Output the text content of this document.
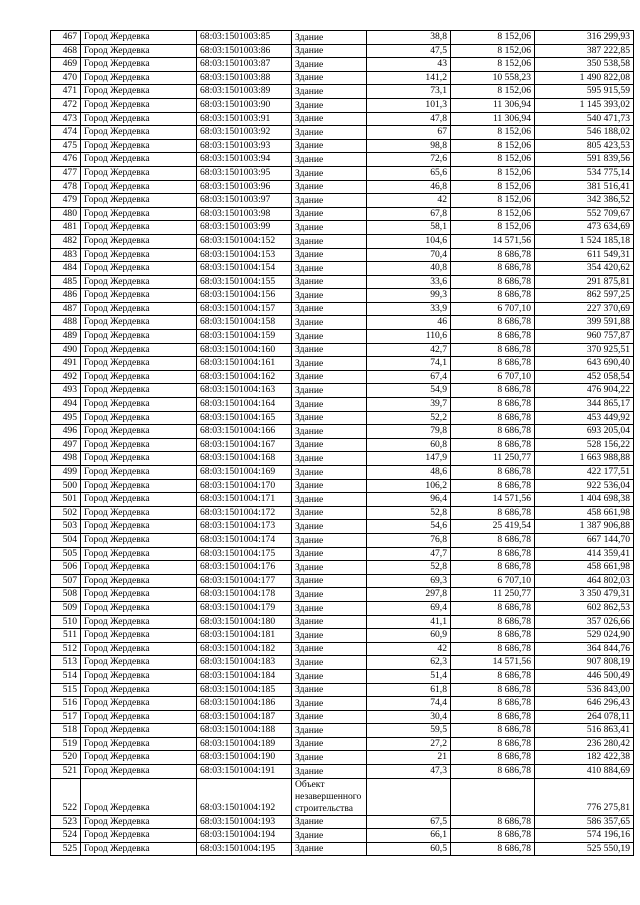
467	Город Жердевка	68:03:1501003:85	Здание	38,8	8 152,06	316 299,93
468	Город Жердевка	68:03:1501003:86	Здание	47,5	8 152,06	387 222,85
469	Город Жердевка	68:03:1501003:87	Здание	43	8 152,06	350 538,58
470	Город Жердевка	68:03:1501003:88	Здание	141,2	10 558,23	1 490 822,08
471	Город Жердевка	68:03:1501003:89	Здание	73,1	8 152,06	595 915,59
472	Город Жердевка	68:03:1501003:90	Здание	101,3	11 306,94	1 145 393,02
473	Город Жердевка	68:03:1501003:91	Здание	47,8	11 306,94	540 471,73
474	Город Жердевка	68:03:1501003:92	Здание	67	8 152,06	546 188,02
475	Город Жердевка	68:03:1501003:93	Здание	98,8	8 152,06	805 423,53
476	Город Жердевка	68:03:1501003:94	Здание	72,6	8 152,06	591 839,56
477	Город Жердевка	68:03:1501003:95	Здание	65,6	8 152,06	534 775,14
478	Город Жердевка	68:03:1501003:96	Здание	46,8	8 152,06	381 516,41
479	Город Жердевка	68:03:1501003:97	Здание	42	8 152,06	342 386,52
480	Город Жердевка	68:03:1501003:98	Здание	67,8	8 152,06	552 709,67
481	Город Жердевка	68:03:1501003:99	Здание	58,1	8 152,06	473 634,69
482	Город Жердевка	68:03:1501004:152	Здание	104,6	14 571,56	1 524 185,18
483	Город Жердевка	68:03:1501004:153	Здание	70,4	8 686,78	611 549,31
484	Город Жердевка	68:03:1501004:154	Здание	40,8	8 686,78	354 420,62
485	Город Жердевка	68:03:1501004:155	Здание	33,6	8 686,78	291 875,81
486	Город Жердевка	68:03:1501004:156	Здание	99,3	8 686,78	862 597,25
487	Город Жердевка	68:03:1501004:157	Здание	33,9	6 707,10	227 370,69
488	Город Жердевка	68:03:1501004:158	Здание	46	8 686,78	399 591,88
489	Город Жердевка	68:03:1501004:159	Здание	110,6	8 686,78	960 757,87
490	Город Жердевка	68:03:1501004:160	Здание	42,7	8 686,78	370 925,51
491	Город Жердевка	68:03:1501004:161	Здание	74,1	8 686,78	643 690,40
492	Город Жердевка	68:03:1501004:162	Здание	67,4	6 707,10	452 058,54
493	Город Жердевка	68:03:1501004:163	Здание	54,9	8 686,78	476 904,22
494	Город Жердевка	68:03:1501004:164	Здание	39,7	8 686,78	344 865,17
495	Город Жердевка	68:03:1501004:165	Здание	52,2	8 686,78	453 449,92
496	Город Жердевка	68:03:1501004:166	Здание	79,8	8 686,78	693 205,04
497	Город Жердевка	68:03:1501004:167	Здание	60,8	8 686,78	528 156,22
498	Город Жердевка	68:03:1501004:168	Здание	147,9	11 250,77	1 663 988,88
499	Город Жердевка	68:03:1501004:169	Здание	48,6	8 686,78	422 177,51
500	Город Жердевка	68:03:1501004:170	Здание	106,2	8 686,78	922 536,04
501	Город Жердевка	68:03:1501004:171	Здание	96,4	14 571,56	1 404 698,38
502	Город Жердевка	68:03:1501004:172	Здание	52,8	8 686,78	458 661,98
503	Город Жердевка	68:03:1501004:173	Здание	54,6	25 419,54	1 387 906,88
504	Город Жердевка	68:03:1501004:174	Здание	76,8	8 686,78	667 144,70
505	Город Жердевка	68:03:1501004:175	Здание	47,7	8 686,78	414 359,41
506	Город Жердевка	68:03:1501004:176	Здание	52,8	8 686,78	458 661,98
507	Город Жердевка	68:03:1501004:177	Здание	69,3	6 707,10	464 802,03
508	Город Жердевка	68:03:1501004:178	Здание	297,8	11 250,77	3 350 479,31
509	Город Жердевка	68:03:1501004:179	Здание	69,4	8 686,78	602 862,53
510	Город Жердевка	68:03:1501004:180	Здание	41,1	8 686,78	357 026,66
511	Город Жердевка	68:03:1501004:181	Здание	60,9	8 686,78	529 024,90
512	Город Жердевка	68:03:1501004:182	Здание	42	8 686,78	364 844,76
513	Город Жердевка	68:03:1501004:183	Здание	62,3	14 571,56	907 808,19
514	Город Жердевка	68:03:1501004:184	Здание	51,4	8 686,78	446 500,49
515	Город Жердевка	68:03:1501004:185	Здание	61,8	8 686,78	536 843,00
516	Город Жердевка	68:03:1501004:186	Здание	74,4	8 686,78	646 296,43
517	Город Жердевка	68:03:1501004:187	Здание	30,4	8 686,78	264 078,11
518	Город Жердевка	68:03:1501004:188	Здание	59,5	8 686,78	516 863,41
519	Город Жердевка	68:03:1501004:189	Здание	27,2	8 686,78	236 280,42
520	Город Жердевка	68:03:1501004:190	Здание	21	8 686,78	182 422,38
521	Город Жердевка	68:03:1501004:191	Здание	47,3	8 686,78	410 884,69
522	Город Жердевка	68:03:1501004:192	Объект незавершенного строительства			776 275,81
523	Город Жердевка	68:03:1501004:193	Здание	67,5	8 686,78	586 357,65
524	Город Жердевка	68:03:1501004:194	Здание	66,1	8 686,78	574 196,16
525	Город Жердевка	68:03:1501004:195	Здание	60,5	8 686,78	525 550,19
